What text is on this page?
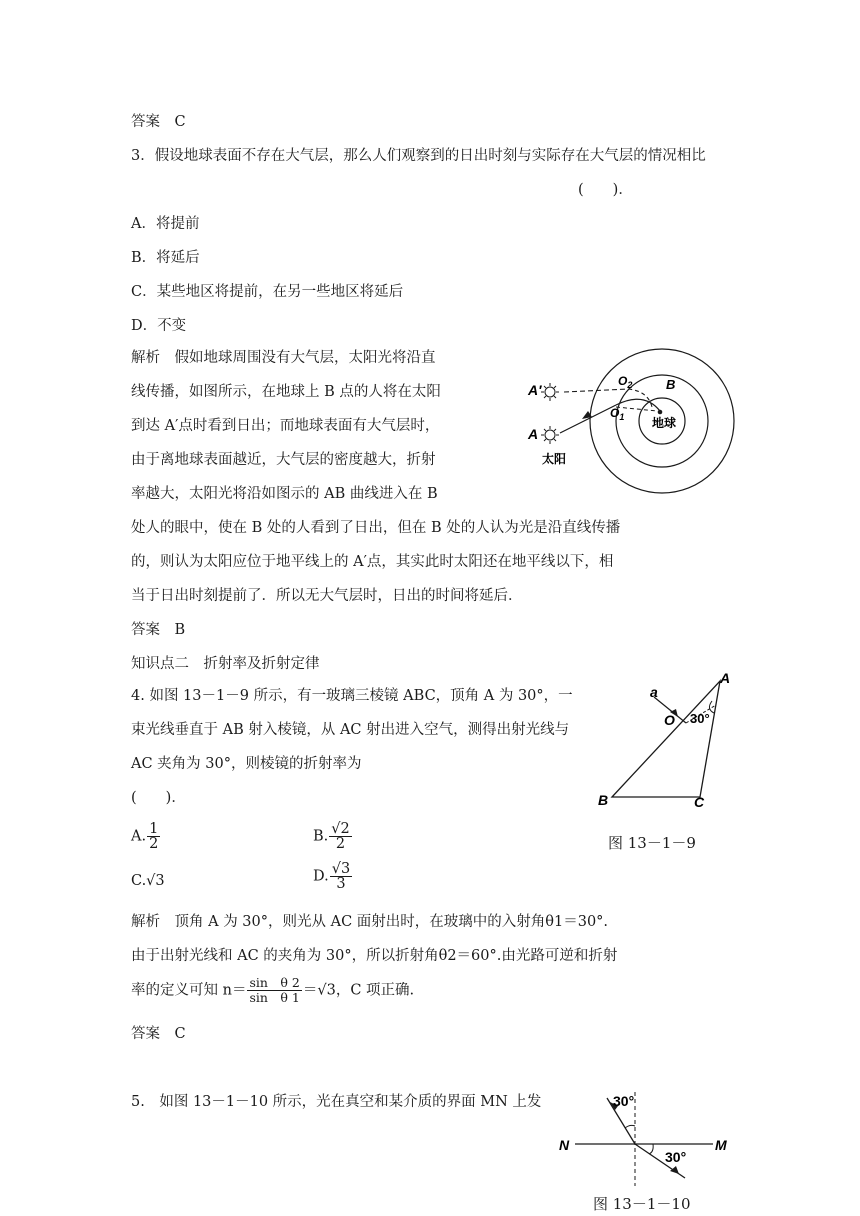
答案　C
3．假设地球表面不存在大气层，那么人们观察到的日出时刻与实际存在大气层的情况相比
(　　)．
A．将提前
B．将延后
C．某些地区将提前，在另一些地区将延后
D．不变
解析　假如地球周围没有大气层，太阳光将沿直
线传播，如图所示，在地球上 B 点的人将在太阳
到达 A′点时看到日出；而地球表面有大气层时，
由于离地球表面越近，大气层的密度越大，折射
率越大，太阳光将沿如图示的 AB 曲线进入在 B
处人的眼中，使在 B 处的人看到了日出，但在 B 处的人认为光是沿直线传播
的，则认为太阳应位于地平线上的 A′点，其实此时太阳还在地平线以下，相
当于日出时刻提前了．所以无大气层时，日出的时间将延后．
答案　B
A′
A
$O_2$
$O_1$
B
地球
太阳
知识点二　折射率及折射定律
4. 如图 13－1－9 所示，有一玻璃三棱镜 ABC，顶角 A 为 30°，一
束光线垂直于 AB 射入棱镜，从 AC 射出进入空气，测得出射光线与
AC 夹角为 30°，则棱镜的折射率为
(　　)．
A. $\frac{1}{2}$	B. $\frac{√2}{2}$
C.√3	D. $\frac{√3}{3}$
a
O 30°
A
B	C
图 13－1－9
解析　顶角 A 为 30°，则光从 AC 面射出时，在玻璃中的入射角θ1＝30°.
由于出射光线和 AC 的夹角为 30°，所以折射角θ2＝60°.由光路可逆和折射
率的定义可知 $n= \frac{\text{sin　θ 2}}{\text{sin　θ 1}} =√3$，C 项正确.
答案　C
5.　如图 13－1－10 所示，光在真空和某介质的界面 MN 上发	30°
30°
N	M
图 13－1－10
